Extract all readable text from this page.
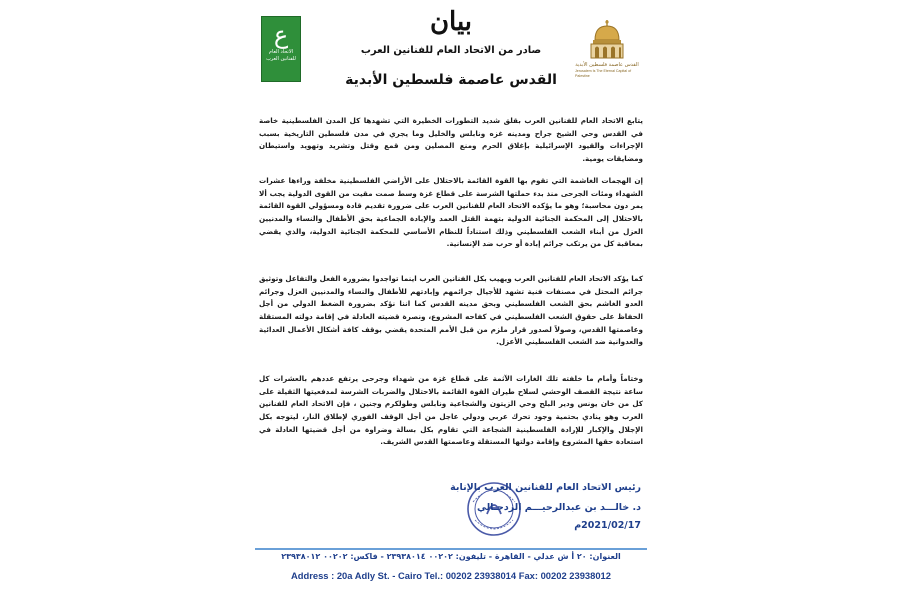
ع
الاتحاد العام للفنانين العرب
بيان
صادر من الاتحاد العام للفنانين العرب
القدس عاصمة فلسطين الأبدية
القدس عاصمة فلسطين الأبدية
Jerusalem Is The Eternal Capital of Palestine

يتابع الاتحاد العام للفنانين العرب بقلق شديد التطورات الخطيرة التي تشهدها كل المدن الفلسطينية خاصة في القدس وحي الشيخ جراح ومدينه غزه ونابلس والخليل وما يجري في مدن فلسطين التاريخية بسبب الإجراءات والقيود الإسرائيلية بإغلاق الحرم ومنع المصلين ومن قمع وقتل وتشريد وتهويد واستيطان ومضايقات يومية.

إن الهجمات الغاشمة التي تقوم بها القوة القائمة بالاحتلال على الأراضي الفلسطينية مخلفة وراءها عشرات الشهداء ومئات الجرحى منذ بدء حملتها الشرسة على قطاع غزة وسط صمت مقيت من القوى الدولية يجب ألا يمر دون محاسبة؛ وهو ما يؤكده الاتحاد العام للفنانين العرب على ضرورة تقديم قادة ومسؤولي القوة القائمة بالاحتلال إلى المحكمة الجنائية الدولية بتهمة القتل العمد والإبادة الجماعية بحق الأطفال والنساء والمدنيين العزل من أبناء الشعب الفلسطيني وذلك استناداً للنظام الأساسي للمحكمة الجنائية الدولية، والذي يقضي بمعاقبة كل من يرتكب جرائم إبادة أو حرب ضد الإنسانية.

كما يؤكد الاتحاد العام للفنانين العرب ويهيب بكل الفنانين العرب اينما تواجدوا بضرورة الفعل والتفاعل وتوثيق جرائم المحتل في مصنفات فنية تشهد للأجيال جرائمهم وإبادتهم للأطفال والنساء والمدنيين العزل وجرائم العدو الغاشم بحق الشعب الفلسطيني وبحق مدينه القدس كما اننا نؤكد بضرورة الضغط الدولي من أجل الحفاظ على حقوق الشعب الفلسطيني في كفاحه المشروع، ونصرة قضيته العادلة في إقامة دولته المستقلة وعاصمتها القدس، وصولاً لصدور قرار ملزم من قبل الأمم المتحدة يقضي بوقف كافة أشكال الأعمال العدائية والعدوانية ضد الشعب الفلسطيني الأعزل.

وختاماً وأمام ما خلفته تلك الغارات الآثمة على قطاع غزة من شهداء وجرحى يرتفع عددهم بالعشرات كل ساعة نتيجة القصف الوحشي لسلاح طيران القوة القائمة بالاحتلال والضربات الشرسة لمدفعيتها الثقيلة على كل من خان يونس ودير البلح وحي الزيتون والشجاعية ونابلس وطولكرم وجنين ، فإن الاتحاد العام للفنانين العرب وهو ينادي بحتمية وجود تحرك عربي ودولي عاجل من أجل الوقف الفوري لإطلاق النار، ليتوجه بكل الإجلال والإكبار للإرادة الفلسطينية الشجاعة التي تقاوم بكل بسالة وضراوة من أجل قضيتها العادلة في استعادة حقها المشروع وإقامة دولتها المستقلة وعاصمتها القدس الشريف.

رئيس الاتحاد العام للفنانين العرب بالإنابة
د. خالـــد بن عبدالرحيـــم الزدجـالي
2021/02/17م
العنوان: ٢٠ أ ش عدلي - القاهرة - تليفون: ٠٠٢٠٢ ٢٣٩٣٨٠١٤ - فاكس: ٠٠٢٠٢ ٢٣٩٣٨٠١٢
Address : 20a Adly St. - Cairo Tel.: 00202 23938014 Fax: 00202 23938012
